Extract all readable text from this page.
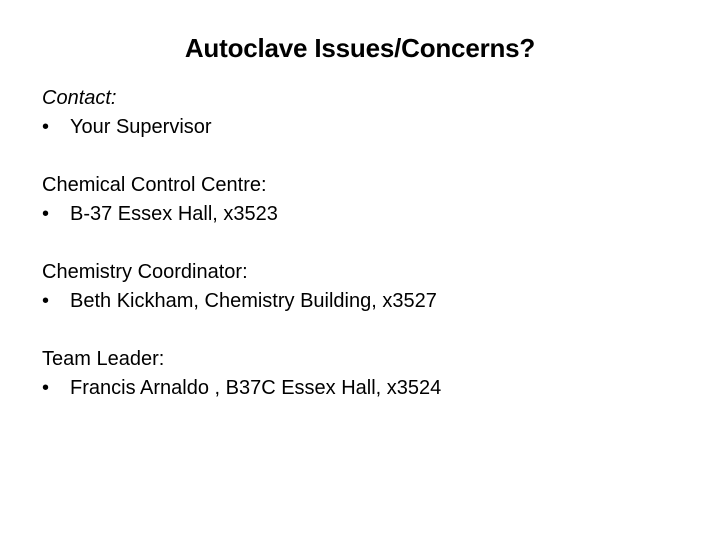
Autoclave Issues/Concerns?
Contact:
•	Your Supervisor
Chemical Control Centre:
•	B-37 Essex Hall, x3523
Chemistry Coordinator:
•	Beth Kickham, Chemistry Building, x3527
Team Leader:
•	Francis Arnaldo , B37C Essex Hall, x3524
